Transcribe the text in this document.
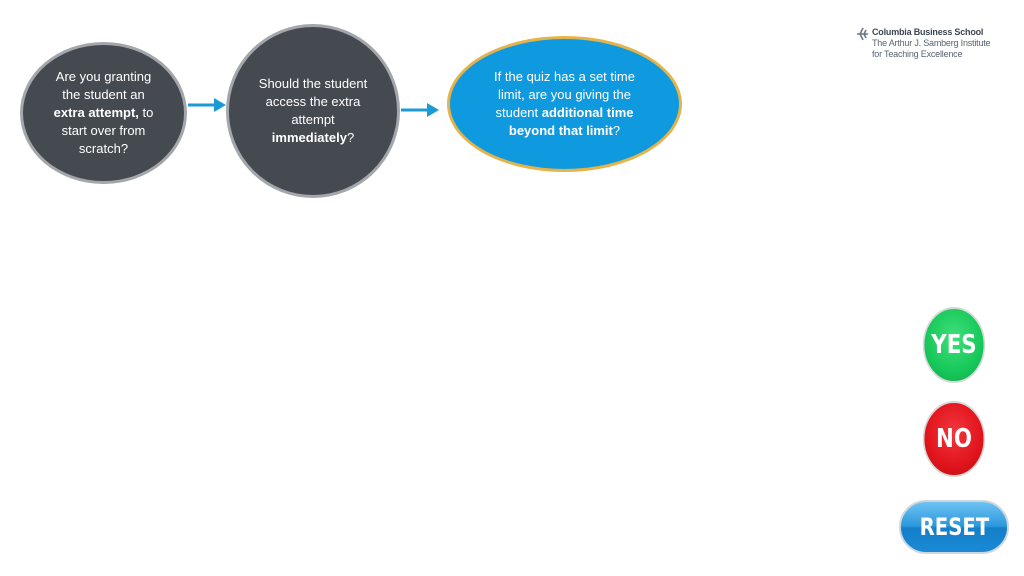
Columbia Business School
The Arthur J. Samberg Institute
for Teaching Excellence
Are you granting the student an extra attempt, to start over from scratch?
Should the student access the extra attempt immediately?
If the quiz has a set time limit, are you giving the student additional time beyond that limit?
YES
NO
RESET
